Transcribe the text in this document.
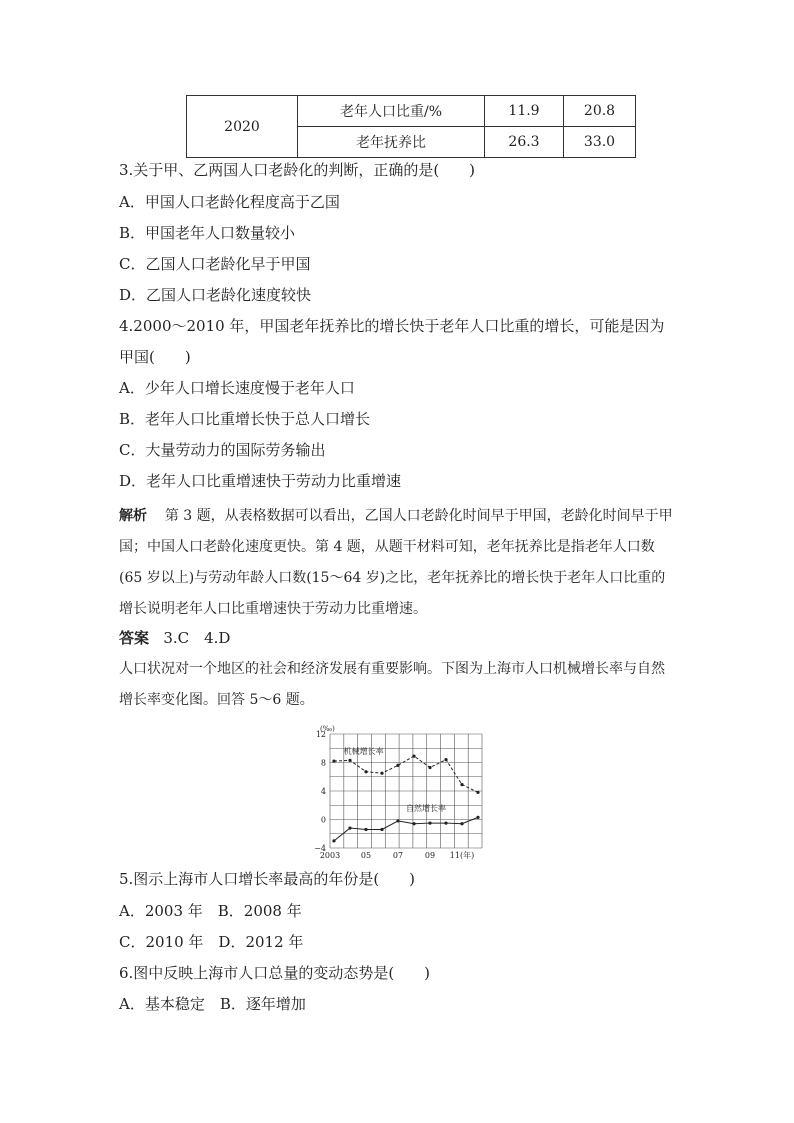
2020	老年人口比重/%	11.9	20.8
	老年抚养比	26.3	33.0
3.关于甲、乙两国人口老龄化的判断，正确的是(　　)
A．甲国人口老龄化程度高于乙国
B．甲国老年人口数量较小
C．乙国人口老龄化早于甲国
D．乙国人口老龄化速度较快
4.2000～2010 年，甲国老年抚养比的增长快于老年人口比重的增长，可能是因为
甲国(　　)
A．少年人口增长速度慢于老年人口
B．老年人口比重增长快于总人口增长
C．大量劳动力的国际劳务输出
D．老年人口比重增速快于劳动力比重增速
解析 第 3 题，从表格数据可以看出，乙国人口老龄化时间早于甲国，老龄化时间早于甲国；中国人口老龄化速度更快。第 4 题，从题干材料可知，老年抚养比是指老年人口数(65 岁以上)与劳动年龄人口数(15～64 岁)之比，老年抚养比的增长快于老年人口比重的增长说明老年人口比重增速快于劳动力比重增速。
答案 3.C　4.D
人口状况对一个地区的社会和经济发展有重要影响。下图为上海市人口机械增长率与自然增长率变化图。回答 5～6 题。
12
8
4
0
−4
(‰)
2003	05	07	09 11(年)
机械增长率
自然增长率
5.图示上海市人口增长率最高的年份是(　　)
A．2003 年　B．2008 年
C．2010 年　D．2012 年
6.图中反映上海市人口总量的变动态势是(　　)
A．基本稳定　B．逐年增加
